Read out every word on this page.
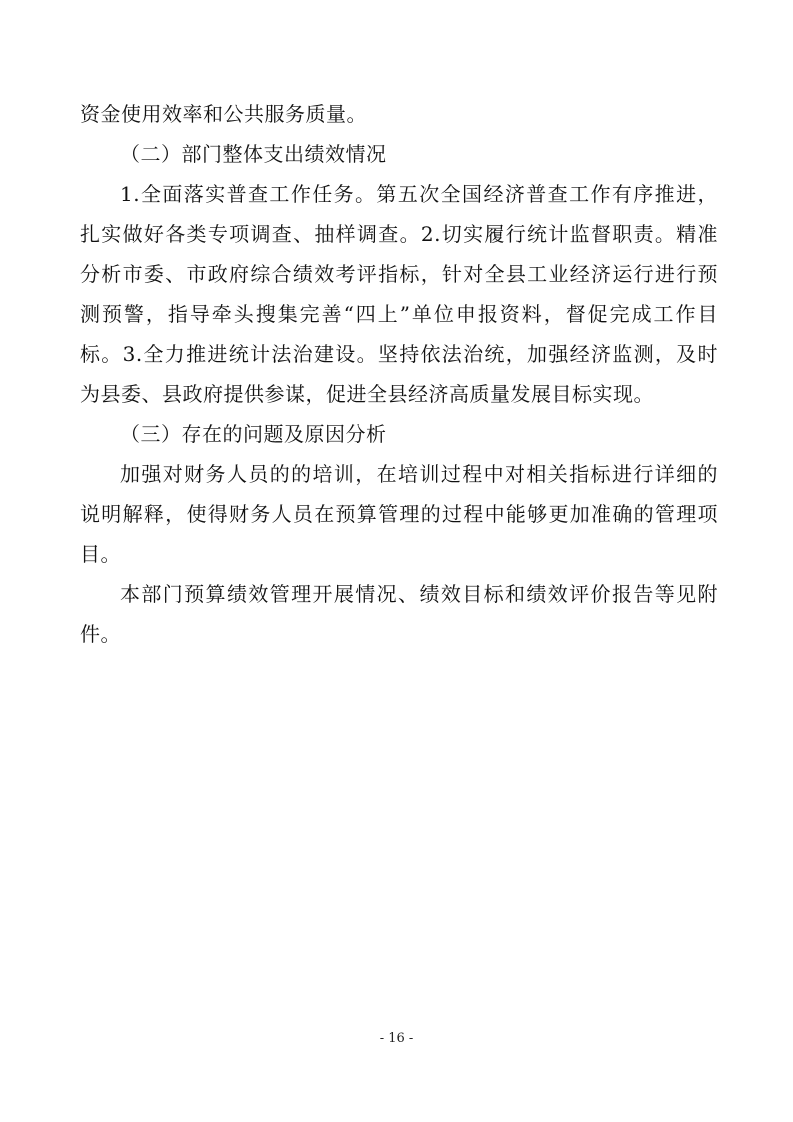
资金使用效率和公共服务质量。
（二）部门整体支出绩效情况
1.全面落实普查工作任务。第五次全国经济普查工作有序推进，
扎实做好各类专项调查、抽样调查。2.切实履行统计监督职责。精准
分析市委、市政府综合绩效考评指标，针对全县工业经济运行进行预
测预警，指导牵头搜集完善“四上”单位申报资料，督促完成工作目
标。3.全力推进统计法治建设。坚持依法治统，加强经济监测，及时
为县委、县政府提供参谋，促进全县经济高质量发展目标实现。
（三）存在的问题及原因分析
加强对财务人员的的培训，在培训过程中对相关指标进行详细的
说明解释，使得财务人员在预算管理的过程中能够更加准确的管理项
目。
本部门预算绩效管理开展情况、绩效目标和绩效评价报告等见附
件。
- 16 -
